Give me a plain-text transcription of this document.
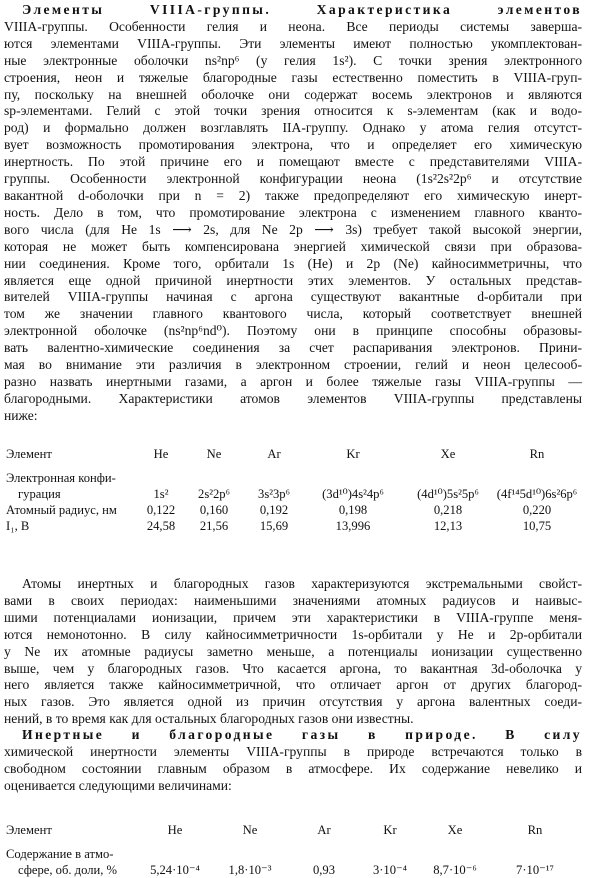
Элементы VIIIA-группы. Характеристика элементов
VIIIA-группы. Особенности гелия и неона. Все периоды системы заверша-
ются элементами VIIIA-группы. Эти элементы имеют полностью укомплектован-
ные электронные оболочки ns²np⁶ (у гелия 1s²). С точки зрения электронного
строения, неон и тяжелые благородные газы естественно поместить в VIIIA-груп-
пу, поскольку на внешней оболочке они содержат восемь электронов и являются
sp-элементами. Гелий с этой точки зрения относится к s-элементам (как и водо-
род) и формально должен возглавлять IIA-группу. Однако у атома гелия отсутст-
вует возможность промотирования электрона, что и определяет его химическую
инертность. По этой причине его и помещают вместе с представителями VIIIA-
группы. Особенности электронной конфигурации неона (1s²2s²2p⁶ и отсутствие
вакантной d-оболочки при n = 2) также предопределяют его химическую инерт-
ность. Дело в том, что промотирование электрона с изменением главного кванто-
вого числа (для He 1s ⟶ 2s, для Ne 2p ⟶ 3s) требует такой высокой энергии,
которая не может быть компенсирована энергией химической связи при образова-
нии соединения. Кроме того, орбитали 1s (He) и 2p (Ne) кайносимметричны, что
является еще одной причиной инертности этих элементов. У остальных представ-
вителей VIIIA-группы начиная с аргона существуют вакантные d-орбитали при
том же значении главного квантового числа, который соответствует внешней
электронной оболочке (ns²np⁶nd⁰). Поэтому они в принципе способны образовы-
вать валентно-химические соединения за счет распаривания электронов. Прини-
мая во внимание эти различия в электронном строении, гелий и неон целесооб-
разно назвать инертными газами, а аргон и более тяжелые газы VIIIA-группы —
благородными. Характеристики атомов элементов VIIIA-группы представлены
ниже:
Элемент	He	Ne	Ar	Kr	Xe	Rn

Электронная конфи-						
гурация	1s²	2s²2p⁶	3s²3p⁶	(3d¹⁰)4s²4p⁶	(4d¹⁰)5s²5p⁶	(4f¹⁴5d¹⁰)6s²6p⁶
Атомный радиус, нм	0,122	0,160	0,192	0,198	0,218	0,220
I₁, В	24,58	21,56	15,69	13,996	12,13	10,75
Атомы инертных и благородных газов характеризуются экстремальными свойст-
вами в своих периодах: наименьшими значениями атомных радиусов и наивыс-
шими потенциалами ионизации, причем эти характеристики в VIIIA-группе меня-
ются немонотонно. В силу кайносимметричности 1s-орбитали у He и 2p-орбитали
у Ne их атомные радиусы заметно меньше, а потенциалы ионизации существенно
выше, чем у благородных газов. Что касается аргона, то вакантная 3d-оболочка у
него является также кайносимметричной, что отличает аргон от других благород-
ных газов. Это является одной из причин отсутствия у аргона валентных соеди-
нений, в то время как для остальных благородных газов они известны.
Инертные и благородные газы в природе. В силу
химической инертности элементы VIIIA-группы в природе встречаются только в
свободном состоянии главным образом в атмосфере. Их содержание невелико и
оценивается следующими величинами:
Элемент	He	Ne	Ar	Kr	Xe	Rn

Содержание в атмо-						
сфере, об. доли, %	5,24·10⁻⁴	1,8·10⁻³	0,93	3·10⁻⁴	8,7·10⁻⁶	7·10⁻¹⁷
